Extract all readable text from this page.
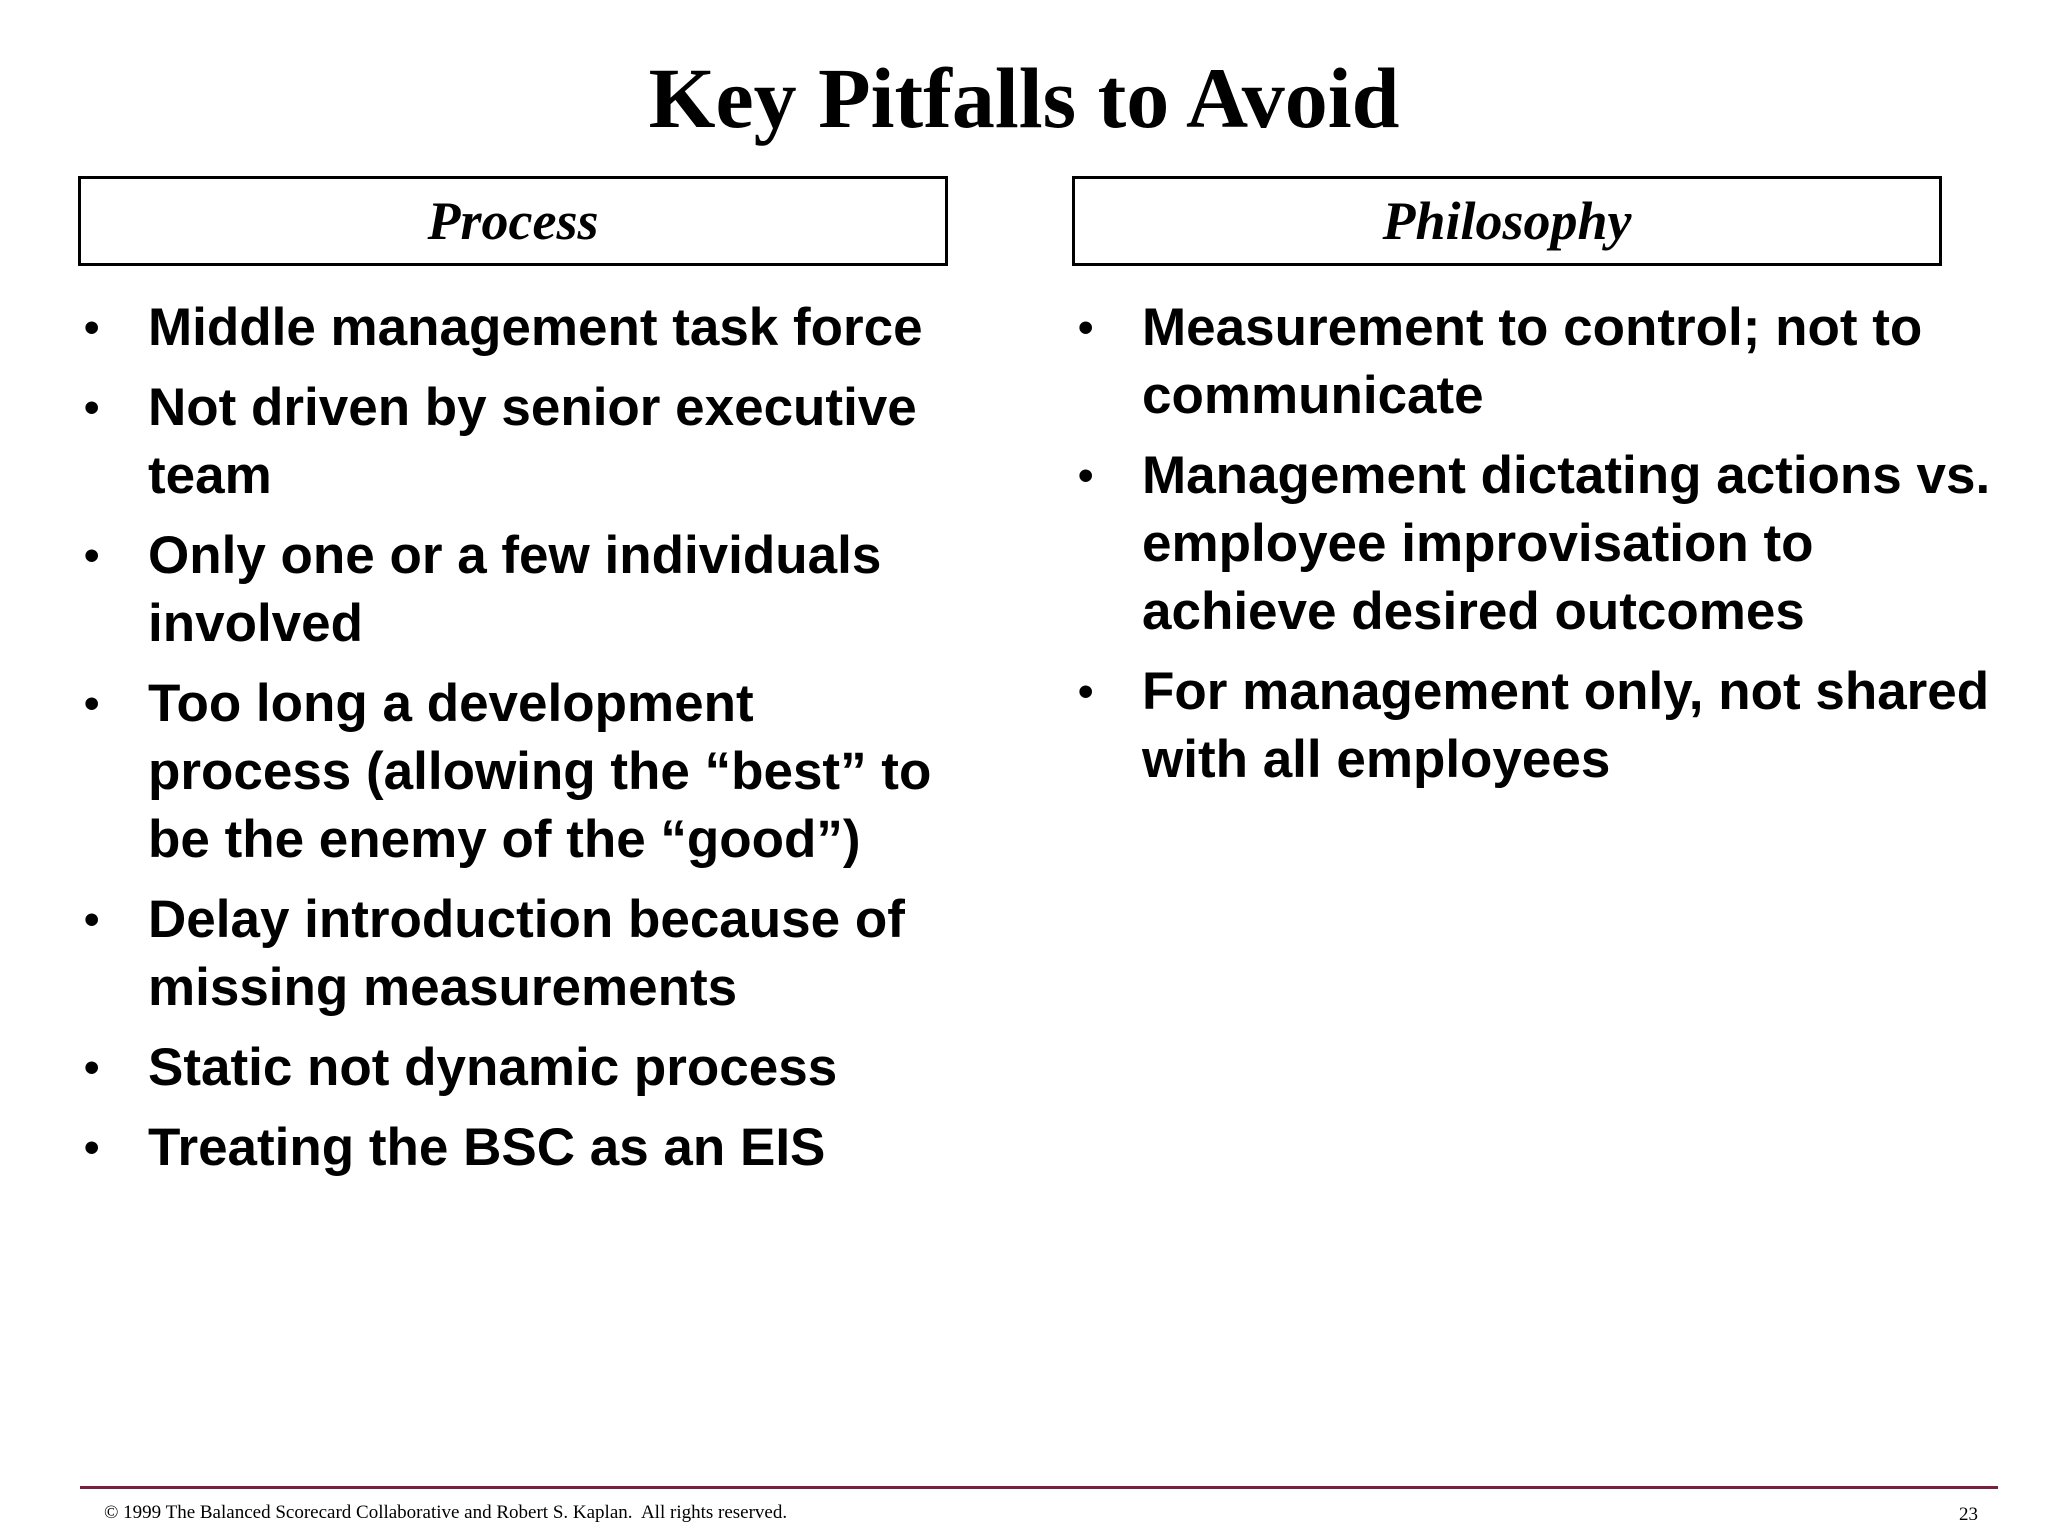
Key Pitfalls to Avoid
Process
• Middle management task force
• Not driven by senior executive team
• Only one or a few individuals involved
• Too long a development process (allowing the “best” to be the enemy of the “good”)
• Delay introduction because of missing measurements
• Static not dynamic process
• Treating the BSC as an EIS
Philosophy
• Measurement to control; not to communicate
• Management dictating actions vs. employee improvisation to achieve desired outcomes
• For management only, not shared with all employees
© 1999 The Balanced Scorecard Collaborative and Robert S. Kaplan.  All rights reserved.	23
